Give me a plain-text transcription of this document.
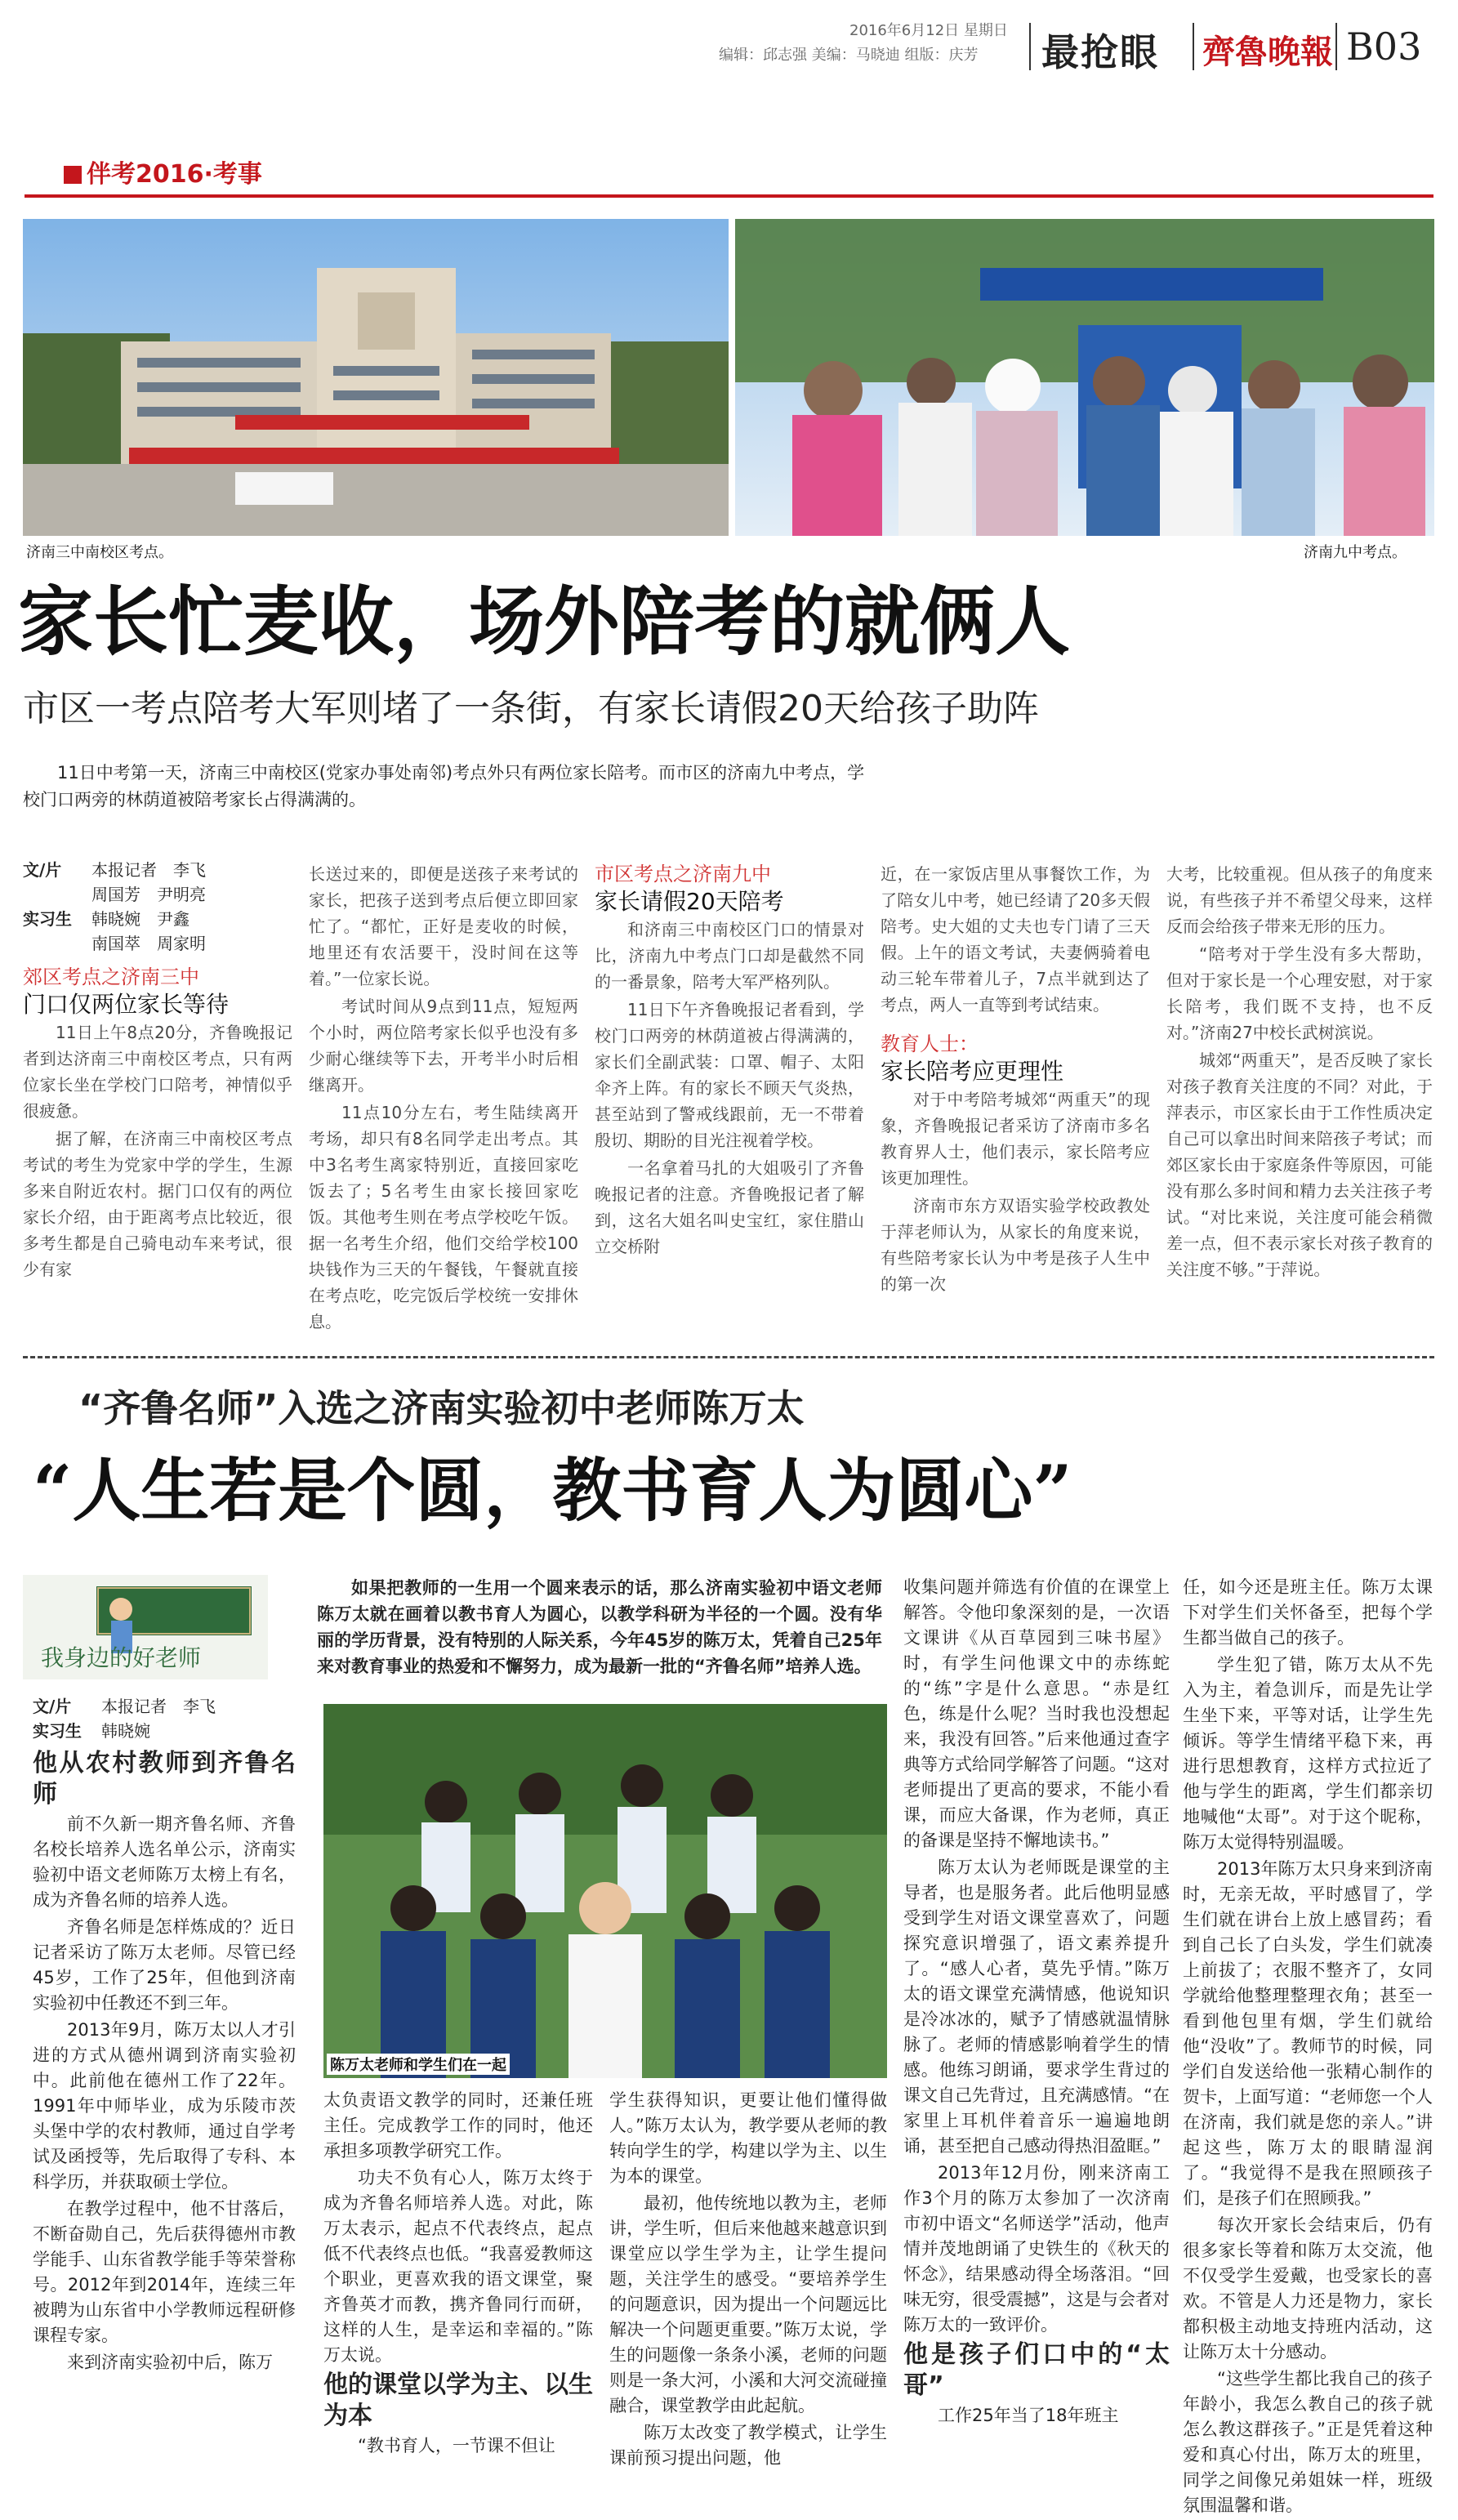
2016年6月12日 星期日
编辑：邱志强 美编：马晓迪 组版：庆芳 最抢眼 齊魯晚報 B03
伴考2016·考事
济南三中南校区考点。	济南九中考点。
家长忙麦收，场外陪考的就俩人
市区一考点陪考大军则堵了一条街，有家长请假20天给孩子助阵
11日中考第一天，济南三中南校区(党家办事处南邻)考点外只有两位家长陪考。而市区的济南九中考点，学校门口两旁的林荫道被陪考家长占得满满的。
文/片 本报记者　李飞
周国芳　尹明亮
实习生 韩晓婉　尹鑫
南国萃　周家明

郊区考点之济南三中

门口仅两位家长等待

11日上午8点20分，齐鲁晚报记者到达济南三中南校区考点，只有两位家长坐在学校门口陪考，神情似乎很疲惫。

据了解，在济南三中南校区考点考试的考生为党家中学的学生，生源多来自附近农村。据门口仅有的两位家长介绍，由于距离考点比较近，很多考生都是自己骑电动车来考试，很少有家

长送过来的，即便是送孩子来考试的家长，把孩子送到考点后便立即回家忙了。“都忙，正好是麦收的时候，地里还有农活要干，没时间在这等着。”一位家长说。

考试时间从9点到11点，短短两个小时，两位陪考家长似乎也没有多少耐心继续等下去，开考半小时后相继离开。

11点10分左右，考生陆续离开考场，却只有8名同学走出考点。其中3名考生离家特别近，直接回家吃饭去了；5名考生由家长接回家吃饭。其他考生则在考点学校吃午饭。据一名考生介绍，他们交给学校100块钱作为三天的午餐钱，午餐就直接在考点吃，吃完饭后学校统一安排休息。

市区考点之济南九中

家长请假20天陪考

和济南三中南校区门口的情景对比，济南九中考点门口却是截然不同的一番景象，陪考大军严格列队。

11日下午齐鲁晚报记者看到，学校门口两旁的林荫道被占得满满的，家长们全副武装：口罩、帽子、太阳伞齐上阵。有的家长不顾天气炎热，甚至站到了警戒线跟前，无一不带着殷切、期盼的目光注视着学校。

一名拿着马扎的大姐吸引了齐鲁晚报记者的注意。齐鲁晚报记者了解到，这名大姐名叫史宝红，家住腊山立交桥附

近，在一家饭店里从事餐饮工作，为了陪女儿中考，她已经请了20多天假陪考。史大姐的丈夫也专门请了三天假。上午的语文考试，夫妻俩骑着电动三轮车带着儿子，7点半就到达了考点，两人一直等到考试结束。

教育人士：

家长陪考应更理性

对于中考陪考城郊“两重天”的现象，齐鲁晚报记者采访了济南市多名教育界人士，他们表示，家长陪考应该更加理性。

济南市东方双语实验学校政教处于萍老师认为，从家长的角度来说，有些陪考家长认为中考是孩子人生中的第一次

大考，比较重视。但从孩子的角度来说，有些孩子并不希望父母来，这样反而会给孩子带来无形的压力。

“陪考对于学生没有多大帮助，但对于家长是一个心理安慰，对于家长陪考，我们既不支持，也不反对。”济南27中校长武树滨说。

城郊“两重天”，是否反映了家长对孩子教育关注度的不同？对此，于萍表示，市区家长由于工作性质决定自己可以拿出时间来陪孩子考试；而郊区家长由于家庭条件等原因，可能没有那么多时间和精力去关注孩子考试。“对比来说，关注度可能会稍微差一点，但不表示家长对孩子教育的关注度不够。”于萍说。

“齐鲁名师”入选之济南实验初中老师陈万太
“人生若是个圆，教书育人为圆心”
我身边的好老师
文/片 本报记者　李飞
实习生 韩晓婉
如果把教师的一生用一个圆来表示的话，那么济南实验初中语文老师陈万太就在画着以教书育人为圆心，以教学科研为半径的一个圆。没有华丽的学历背景，没有特别的人际关系，今年45岁的陈万太，凭着自己25年来对教育事业的热爱和不懈努力，成为最新一批的“齐鲁名师”培养人选。
陈万太老师和学生们在一起

他从农村教师到齐鲁名师

前不久新一期齐鲁名师、齐鲁名校长培养人选名单公示，济南实验初中语文老师陈万太榜上有名，成为齐鲁名师的培养人选。

齐鲁名师是怎样炼成的？近日记者采访了陈万太老师。尽管已经45岁，工作了25年，但他到济南实验初中任教还不到三年。

2013年9月，陈万太以人才引进的方式从德州调到济南实验初中。此前他在德州工作了22年。1991年中师毕业，成为乐陵市茨头堡中学的农村教师，通过自学考试及函授等，先后取得了专科、本科学历，并获取硕士学位。

在教学过程中，他不甘落后，不断奋勋自己，先后获得德州市教学能手、山东省教学能手等荣誉称号。2012年到2014年，连续三年被聘为山东省中小学教师远程研修课程专家。

来到济南实验初中后，陈万

太负责语文教学的同时，还兼任班主任。完成教学工作的同时，他还承担多项教学研究工作。

功夫不负有心人，陈万太终于成为齐鲁名师培养人选。对此，陈万太表示，起点不代表终点，起点低不代表终点也低。“我喜爱教师这个职业，更喜欢我的语文课堂，聚齐鲁英才而教，携齐鲁同行而研，这样的人生，是幸运和幸福的。”陈万太说。

他的课堂以学为主、以生为本

“教书育人，一节课不但让

学生获得知识，更要让他们懂得做人。”陈万太认为，教学要从老师的教转向学生的学，构建以学为主、以生为本的课堂。

最初，他传统地以教为主，老师讲，学生听，但后来他越来越意识到课堂应以学生学为主，让学生提问题，关注学生的感受。“要培养学生的问题意识，因为提出一个问题远比解决一个问题更重要。”陈万太说，学生的问题像一条条小溪，老师的问题则是一条大河，小溪和大河交流碰撞融合，课堂教学由此起航。

陈万太改变了教学模式，让学生课前预习提出问题，他

收集问题并筛选有价值的在课堂上解答。令他印象深刻的是，一次语文课讲《从百草园到三味书屋》时，有学生问他课文中的赤练蛇的“练”字是什么意思。“赤是红色，练是什么呢？当时我也没想起来，我没有回答。”后来他通过查字典等方式给同学解答了问题。“这对老师提出了更高的要求，不能小看课，而应大备课，作为老师，真正的备课是坚持不懈地读书。”

陈万太认为老师既是课堂的主导者，也是服务者。此后他明显感受到学生对语文课堂喜欢了，问题探究意识增强了，语文素养提升了。“感人心者，莫先乎情。”陈万太的语文课堂充满情感，他说知识是冷冰冰的，赋予了情感就温情脉脉了。老师的情感影响着学生的情感。他练习朗诵，要求学生背过的课文自己先背过，且充满感情。“在家里上耳机伴着音乐一遍遍地朗诵，甚至把自己感动得热泪盈眶。”

2013年12月份，刚来济南工作3个月的陈万太参加了一次济南市初中语文“名师送学”活动，他声情并茂地朗诵了史铁生的《秋天的怀念》，结果感动得全场落泪。“回味无穷，很受震撼”，这是与会者对陈万太的一致评价。

他是孩子们口中的“太哥”

工作25年当了18年班主

任，如今还是班主任。陈万太课下对学生们关怀备至，把每个学生都当做自己的孩子。

学生犯了错，陈万太从不先入为主，着急训斥，而是先让学生坐下来，平等对话，让学生先倾诉。等学生情绪平稳下来，再进行思想教育，这样方式拉近了他与学生的距离，学生们都亲切地喊他“太哥”。对于这个昵称，陈万太觉得特别温暖。

2013年陈万太只身来到济南时，无亲无故，平时感冒了，学生们就在讲台上放上感冒药；看到自己长了白头发，学生们就凑上前拔了；衣服不整齐了，女同学就给他整理整理衣角；甚至一看到他包里有烟，学生们就给他“没收”了。教师节的时候，同学们自发送给他一张精心制作的贺卡，上面写道：“老师您一个人在济南，我们就是您的亲人。”讲起这些，陈万太的眼睛湿润了。“我觉得不是我在照顾孩子们，是孩子们在照顾我。”

每次开家长会结束后，仍有很多家长等着和陈万太交流，他不仅受学生爱戴，也受家长的喜欢。不管是人力还是物力，家长都积极主动地支持班内活动，这让陈万太十分感动。

“这些学生都比我自己的孩子年龄小，我怎么教自己的孩子就怎么教这群孩子。”正是凭着这种爱和真心付出，陈万太的班里，同学之间像兄弟姐妹一样，班级氛围温馨和谐。
